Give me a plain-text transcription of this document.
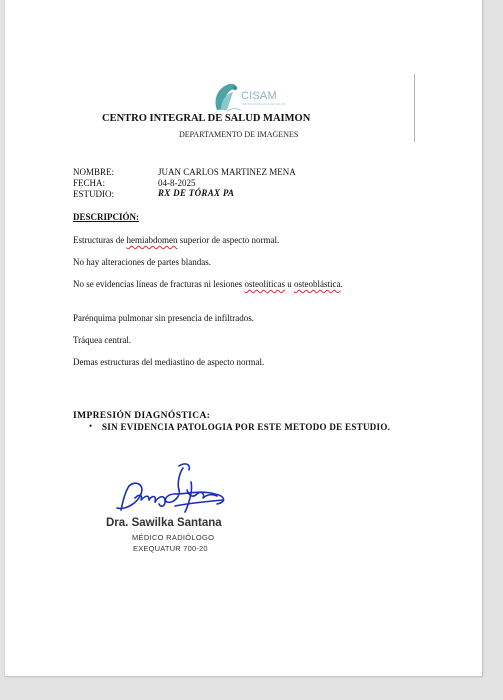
CISAM
CENTRO INTEGRAL DE SALUD
CENTRO INTEGRAL DE SALUD MAIMON
DEPARTAMENTO DE IMAGENES
NOMBRE:	JUAN CARLOS MARTINEZ MENA
FECHA:	04-8-2025
ESTUDIO:	RX DE TÓRAX PA
DESCRIPCIÓN:
Estructuras de hemiabdomen superior de aspecto normal.
No hay alteraciones de partes blandas.
No se evidencias líneas de fracturas ni lesiones osteolíticas u osteoblástica.
Parénquima pulmonar sin presencia de infiltrados.
Tráquea central.
Demas estructuras del mediastino de aspecto normal.
IMPRESIÓN DIAGNÓSTICA:
• SIN EVIDENCIA PATOLOGIA POR ESTE METODO DE ESTUDIO.
Dra. Sawilka Santana
MÉDICO RADIÓLOGO
EXEQUATUR 700-20
